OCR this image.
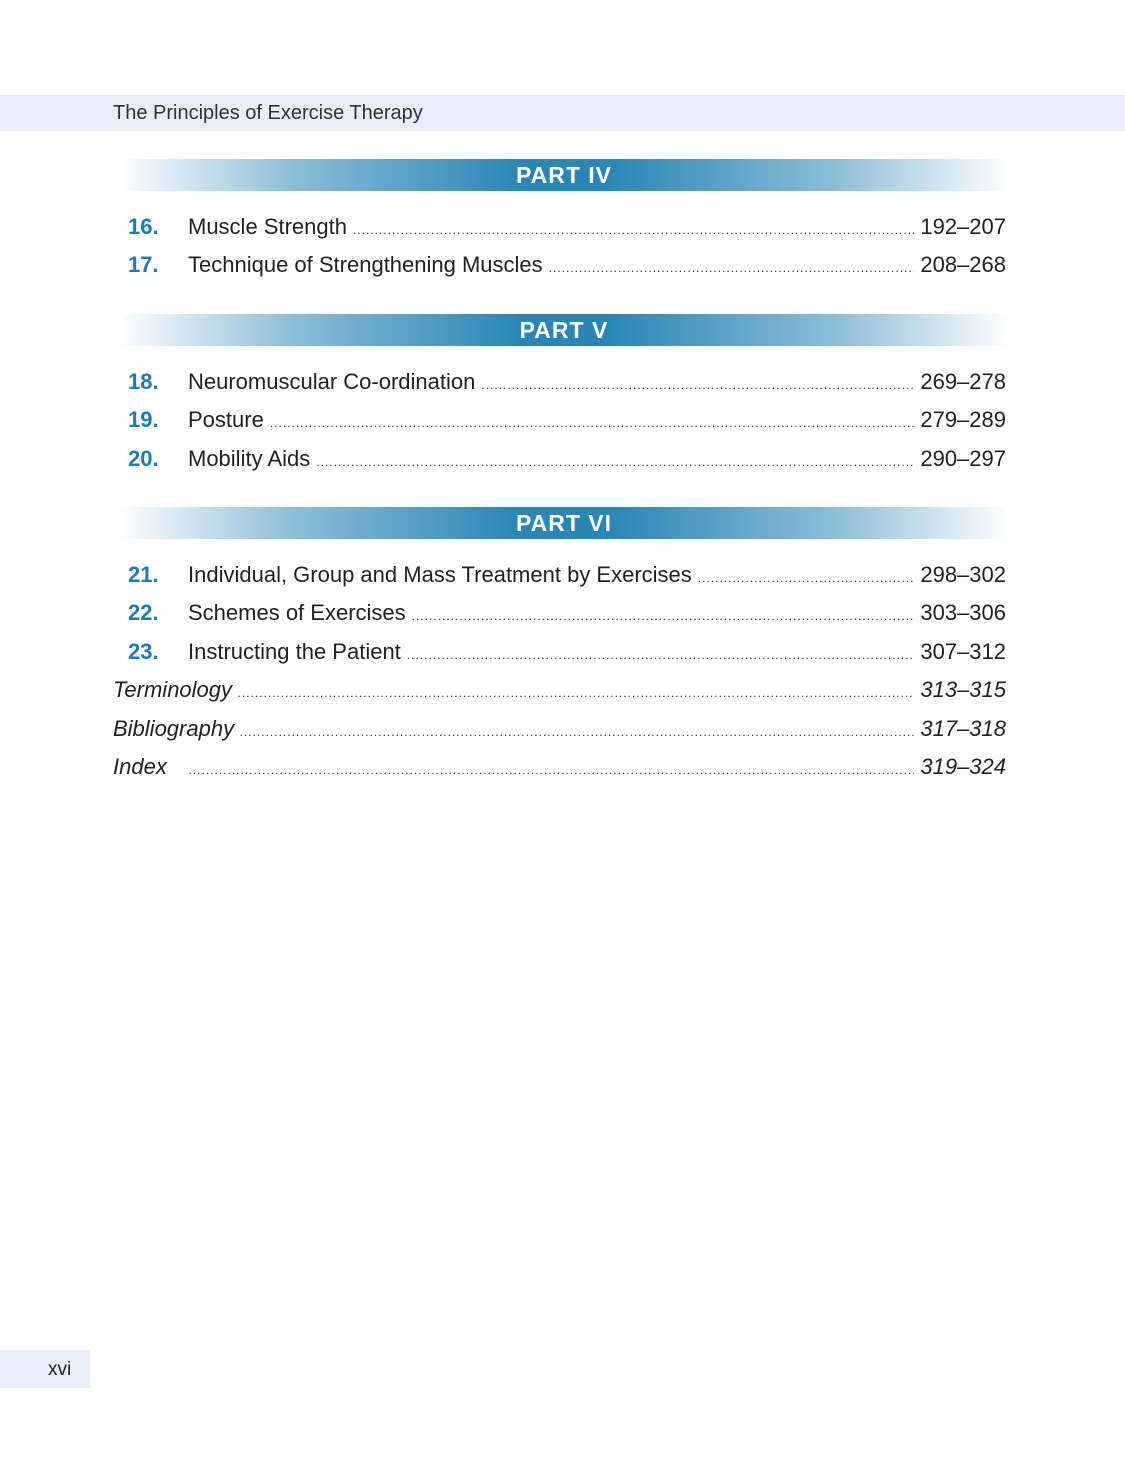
The Principles of Exercise Therapy
PART IV
16.	Muscle Strength .....	192–207
17.	Technique of Strengthening Muscles .....	208–268
PART V
18.	Neuromuscular Co-ordination .....	269–278
19.	Posture .....	279–289
20.	Mobility Aids .....	290–297
PART VI
21.	Individual, Group and Mass Treatment by Exercises .....	298–302
22.	Schemes of Exercises .....	303–306
23.	Instructing the Patient .....	307–312
Terminology .....	313–315
Bibliography .....	317–318
Index .....	319–324
xvi
